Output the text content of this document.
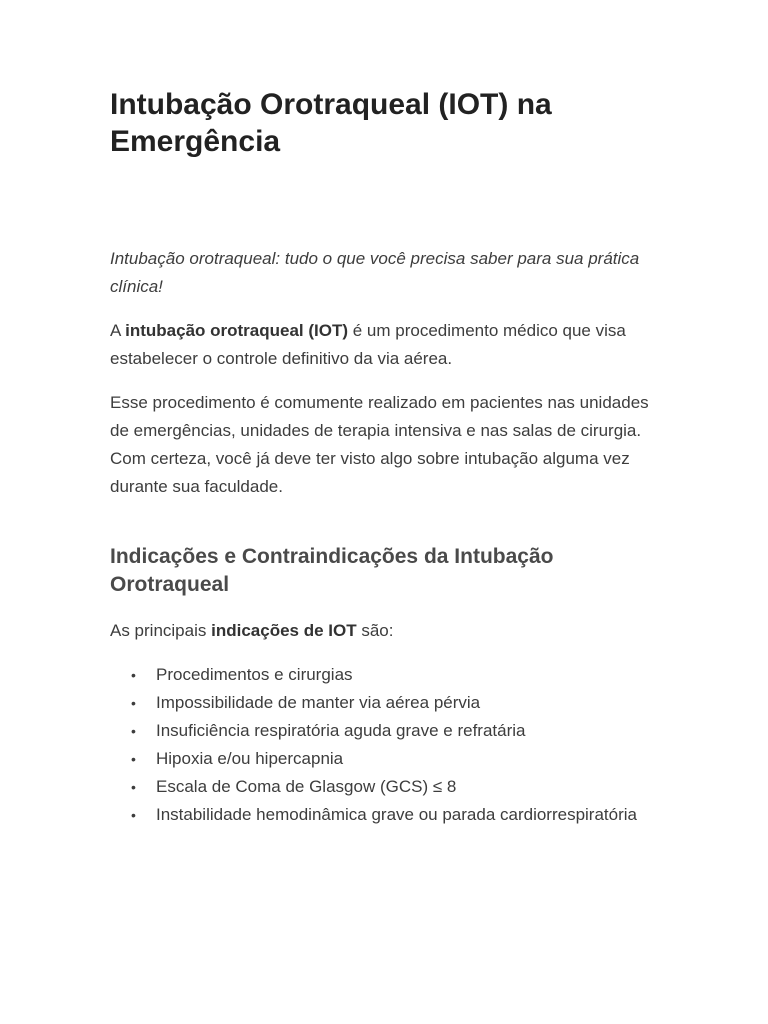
Intubação Orotraqueal (IOT) na Emergência

Intubação orotraqueal: tudo o que você precisa saber para sua prática clínica!

A intubação orotraqueal (IOT) é um procedimento médico que visa estabelecer o controle definitivo da via aérea.

Esse procedimento é comumente realizado em pacientes nas unidades de emergências, unidades de terapia intensiva e nas salas de cirurgia. Com certeza, você já deve ter visto algo sobre intubação alguma vez durante sua faculdade.

Indicações e Contraindicações da Intubação Orotraqueal

As principais indicações de IOT são:

• Procedimentos e cirurgias
• Impossibilidade de manter via aérea pérvia
• Insuficiência respiratória aguda grave e refratária
• Hipoxia e/ou hipercapnia
• Escala de Coma de Glasgow (GCS) ≤ 8
• Instabilidade hemodinâmica grave ou parada cardiorrespiratória
